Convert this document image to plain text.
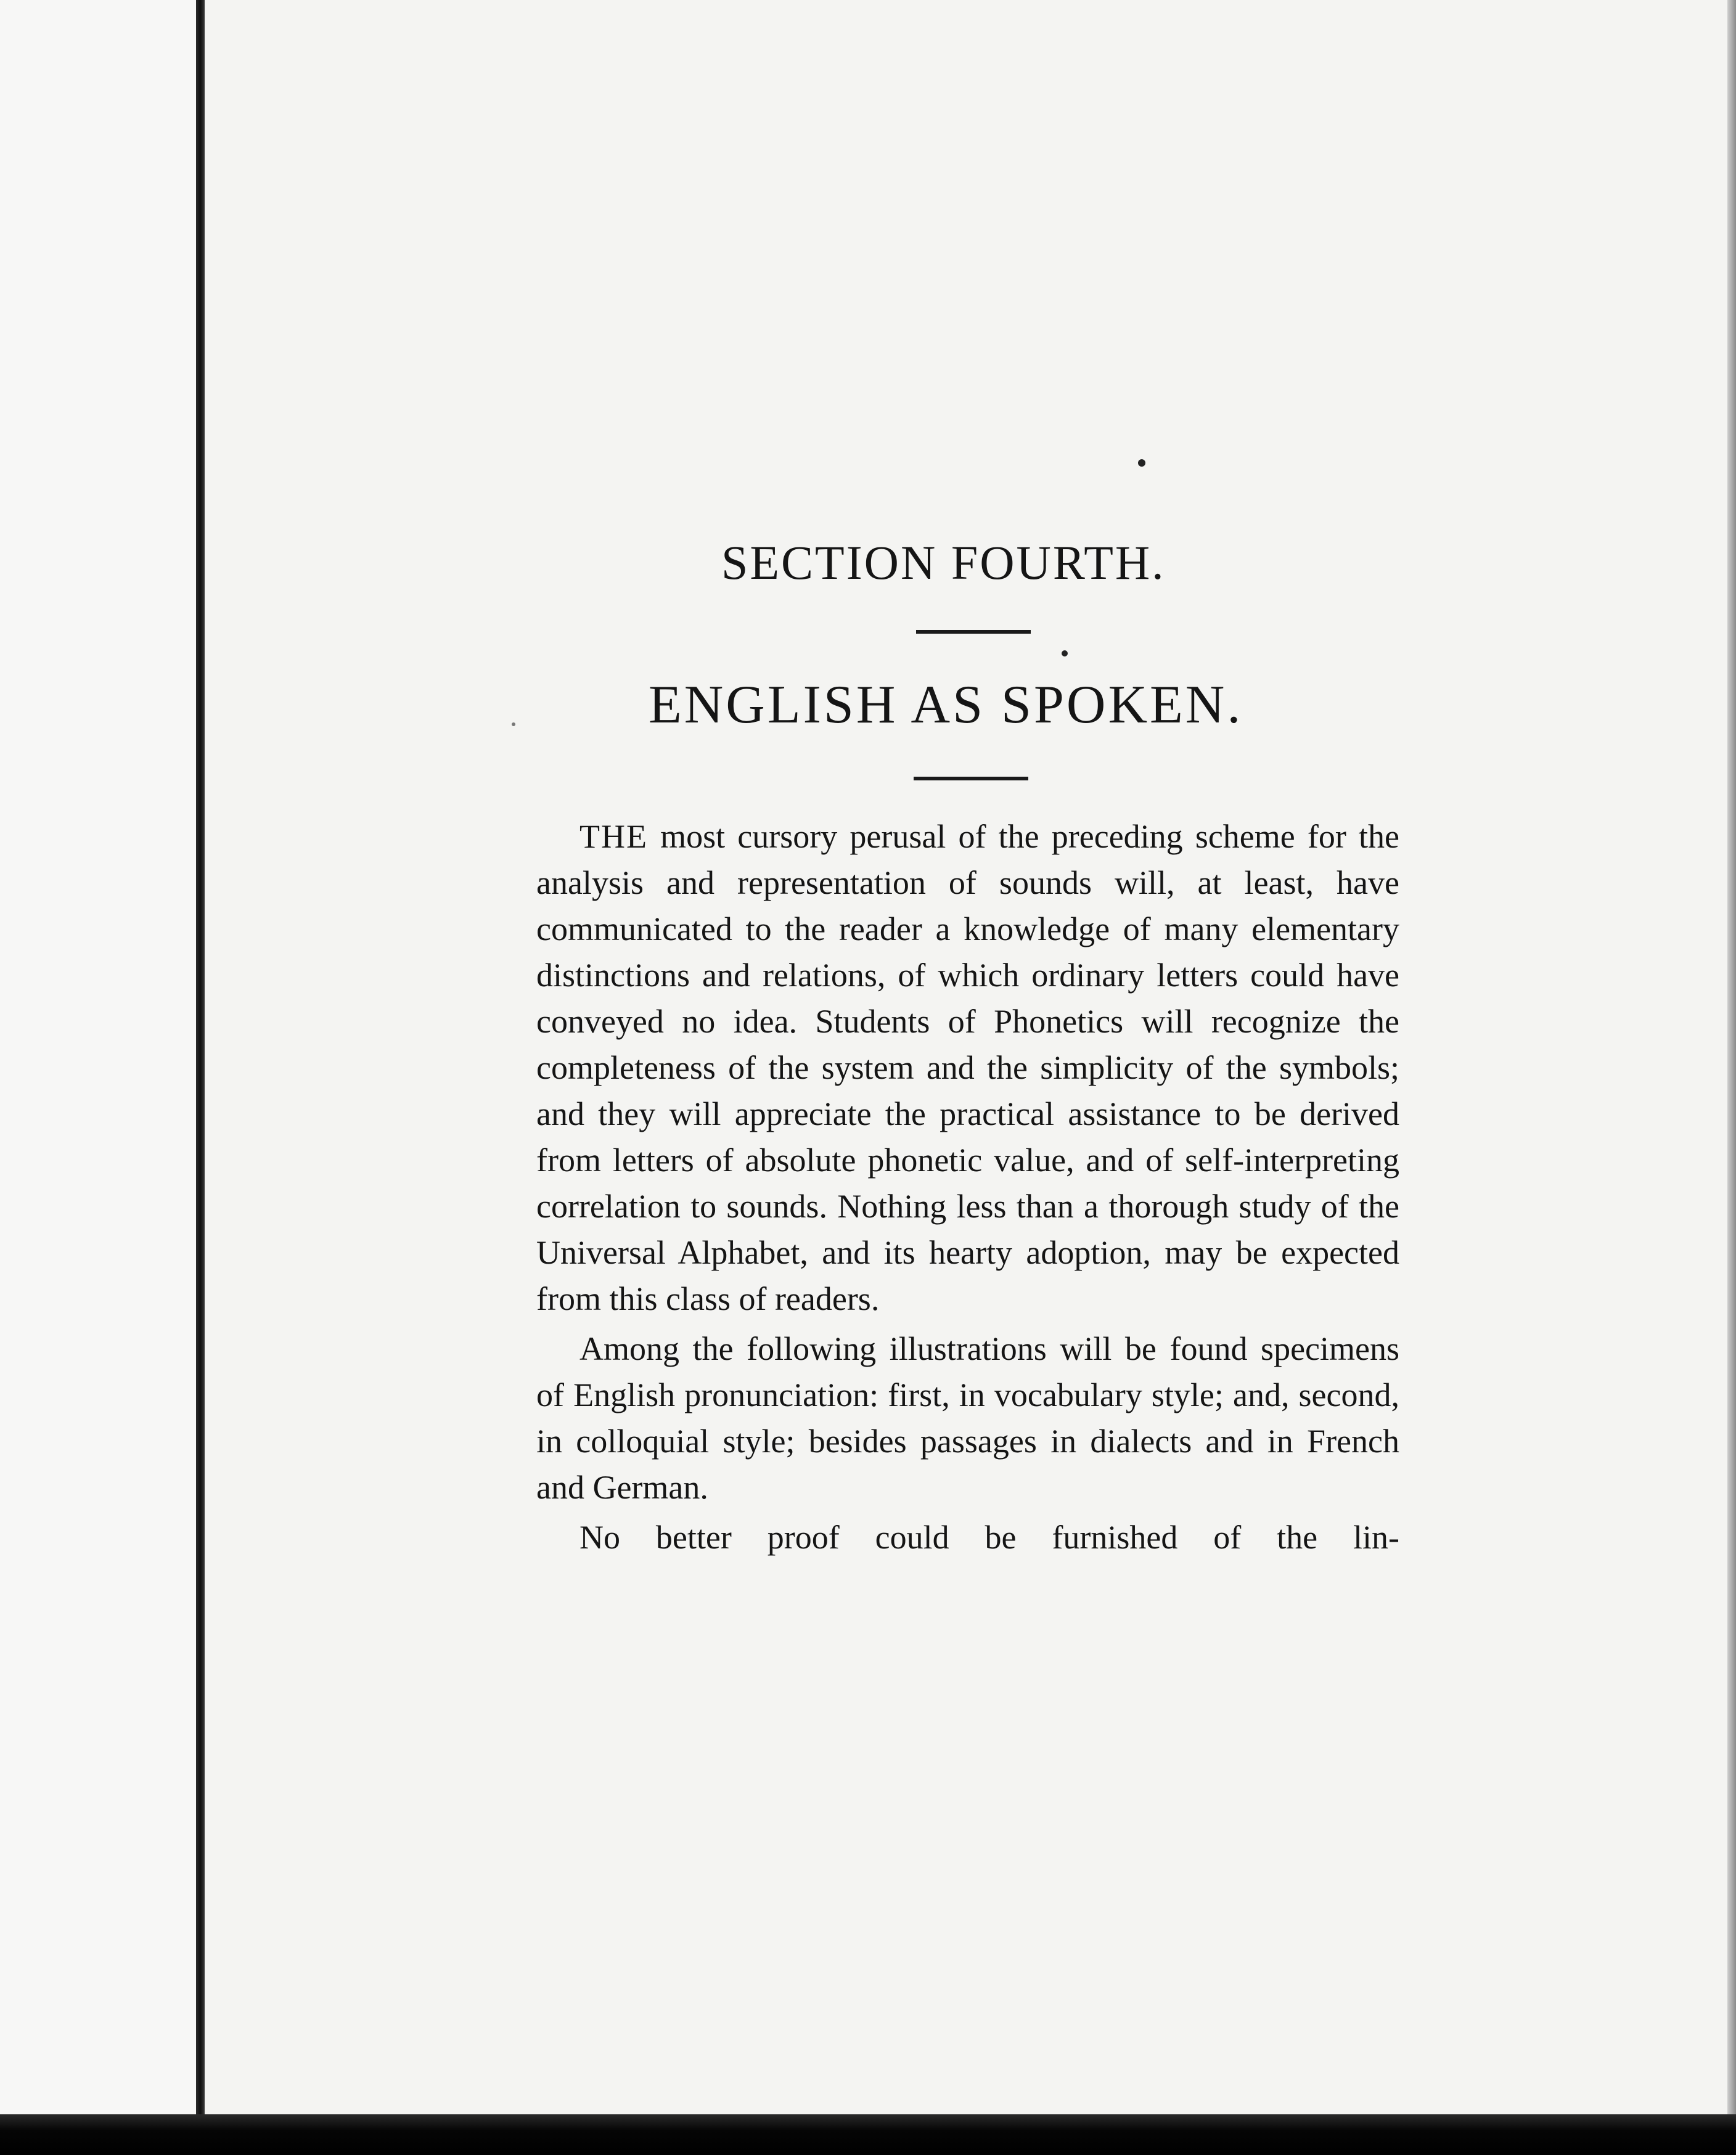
SECTION FOURTH.
ENGLISH AS SPOKEN.

THE most cursory perusal of the preceding scheme for the analysis and representation of sounds will, at least, have communicated to the reader a knowledge of many elementary distinctions and relations, of which ordinary letters could have conveyed no idea. Students of Phonetics will recognize the completeness of the system and the simplicity of the symbols; and they will appreciate the practical assistance to be derived from letters of absolute phonetic value, and of self-interpreting correlation to sounds. Nothing less than a thorough study of the Universal Alphabet, and its hearty adoption, may be expected from this class of readers.

Among the following illustrations will be found specimens of English pronunciation: first, in vocabulary style; and, second, in colloquial style; besides passages in dialects and in French and German.

No better proof could be furnished of the lin-
